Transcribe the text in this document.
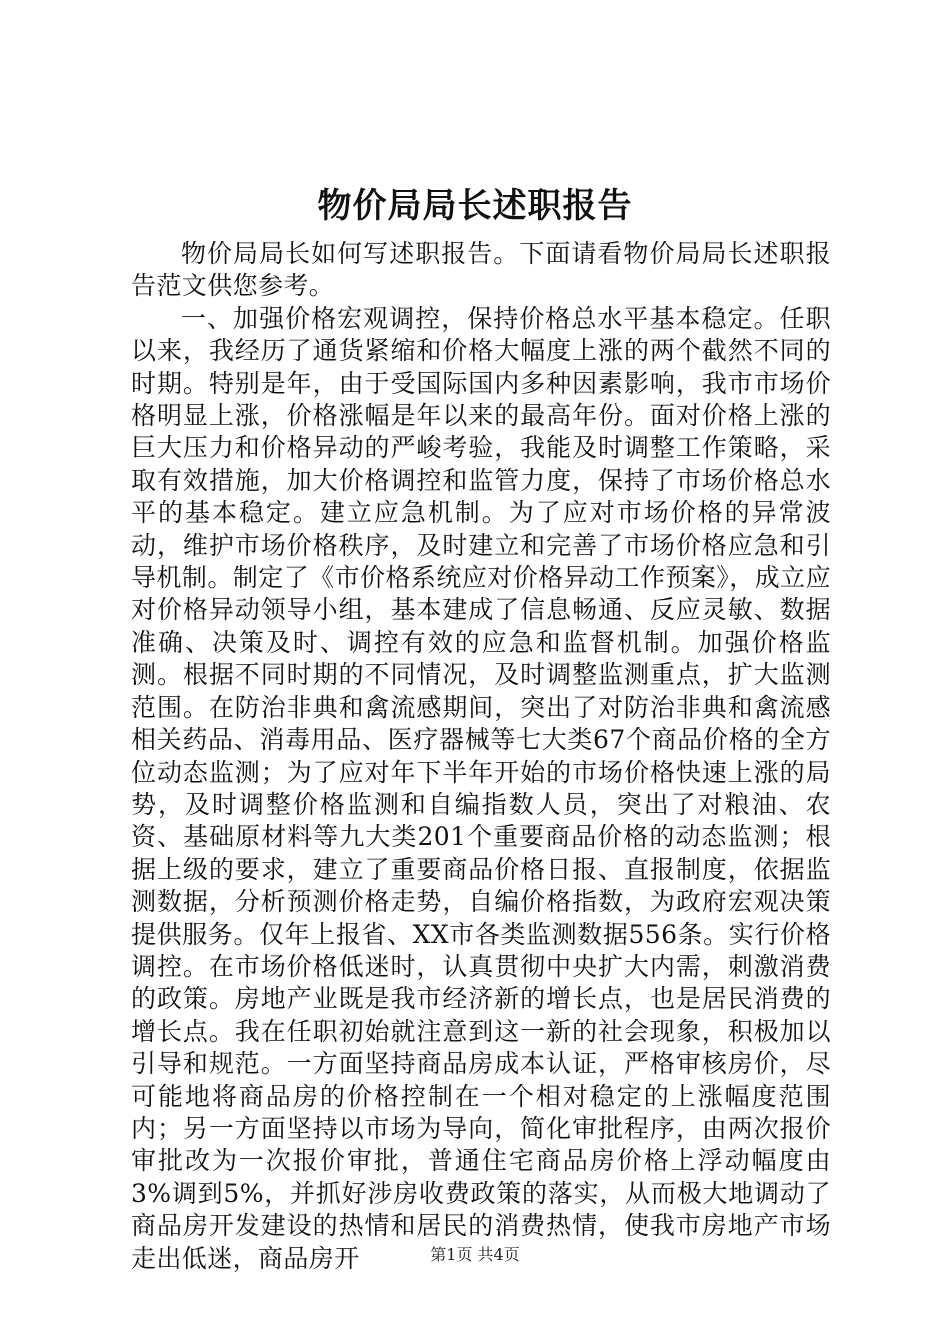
物价局局长述职报告

物价局局长如何写述职报告。下面请看物价局局长述职报告范文供您参考。

一、加强价格宏观调控，保持价格总水平基本稳定。任职以来，我经历了通货紧缩和价格大幅度上涨的两个截然不同的时期。特别是年，由于受国际国内多种因素影响，我市市场价格明显上涨，价格涨幅是年以来的最高年份。面对价格上涨的巨大压力和价格异动的严峻考验，我能及时调整工作策略，采取有效措施，加大价格调控和监管力度，保持了市场价格总水平的基本稳定。建立应急机制。为了应对市场价格的异常波动，维护市场价格秩序，及时建立和完善了市场价格应急和引导机制。制定了《市价格系统应对价格异动工作预案》，成立应对价格异动领导小组，基本建成了信息畅通、反应灵敏、数据准确、决策及时、调控有效的应急和监督机制。加强价格监测。根据不同时期的不同情况，及时调整监测重点，扩大监测范围。在防治非典和禽流感期间，突出了对防治非典和禽流感相关药品、消毒用品、医疗器械等七大类67个商品价格的全方位动态监测；为了应对年下半年开始的市场价格快速上涨的局势，及时调整价格监测和自编指数人员，突出了对粮油、农资、基础原材料等九大类201个重要商品价格的动态监测；根据上级的要求，建立了重要商品价格日报、直报制度，依据监测数据，分析预测价格走势，自编价格指数，为政府宏观决策提供服务。仅年上报省、XX市各类监测数据556条。实行价格调控。在市场价格低迷时，认真贯彻中央扩大内需，刺激消费的政策。房地产业既是我市经济新的增长点，也是居民消费的增长点。我在任职初始就注意到这一新的社会现象，积极加以引导和规范。一方面坚持商品房成本认证，严格审核房价，尽可能地将商品房的价格控制在一个相对稳定的上涨幅度范围内；另一方面坚持以市场为导向，简化审批程序，由两次报价审批改为一次报价审批，普通住宅商品房价格上浮动幅度由3%调到5%，并抓好涉房收费政策的落实，从而极大地调动了商品房开发建设的热情和居民的消费热情，使我市房地产市场走出低迷，商品房开	第1页 共4页
